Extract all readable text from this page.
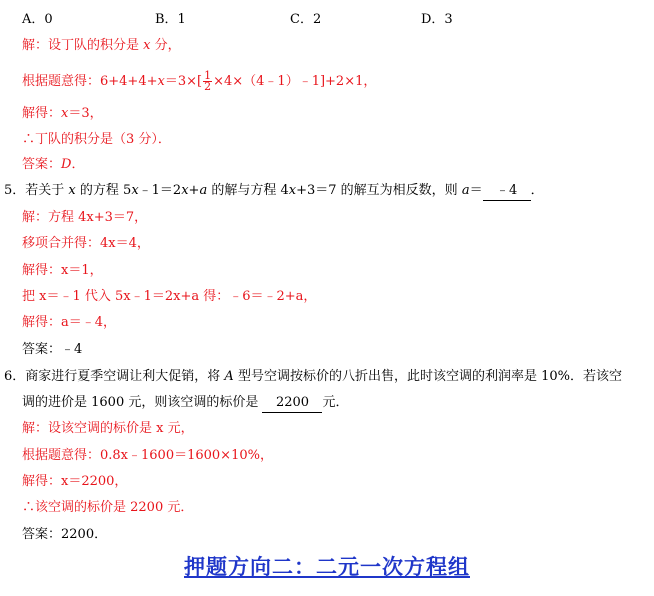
A．0	B．1	C．2	D．3
解：设丁队的积分是 x 分，
根据题意得：$6+4+4+x=3\times[ \frac{1}{2}$ ×4×（4﹣1）﹣1]+2×1，
解得：x＝3，
∴丁队的积分是（3 分）．
答案：D．
5．若关于 x 的方程 5x﹣1＝2x+a 的解与方程 4x+3＝7 的解互为相反数，则 a＝ ﹣4 ．
解：方程 4x+3＝7，
移项合并得：4x＝4，
解得：x＝1，
把 x＝﹣1 代入 5x﹣1＝2x+a 得：﹣6＝﹣2+a，
解得：a＝﹣4，
答案：﹣4
6．商家进行夏季空调让利大促销，将 A 型号空调按标价的八折出售，此时该空调的利润率是 10%．若该空
调的进价是 1600 元，则该空调的标价是 2200 元．
解：设该空调的标价是 x 元，
根据题意得：0.8x﹣1600＝1600×10%，
解得：x＝2200，
∴该空调的标价是 2200 元．
答案：2200．
押题方向二：二元一次方程组
